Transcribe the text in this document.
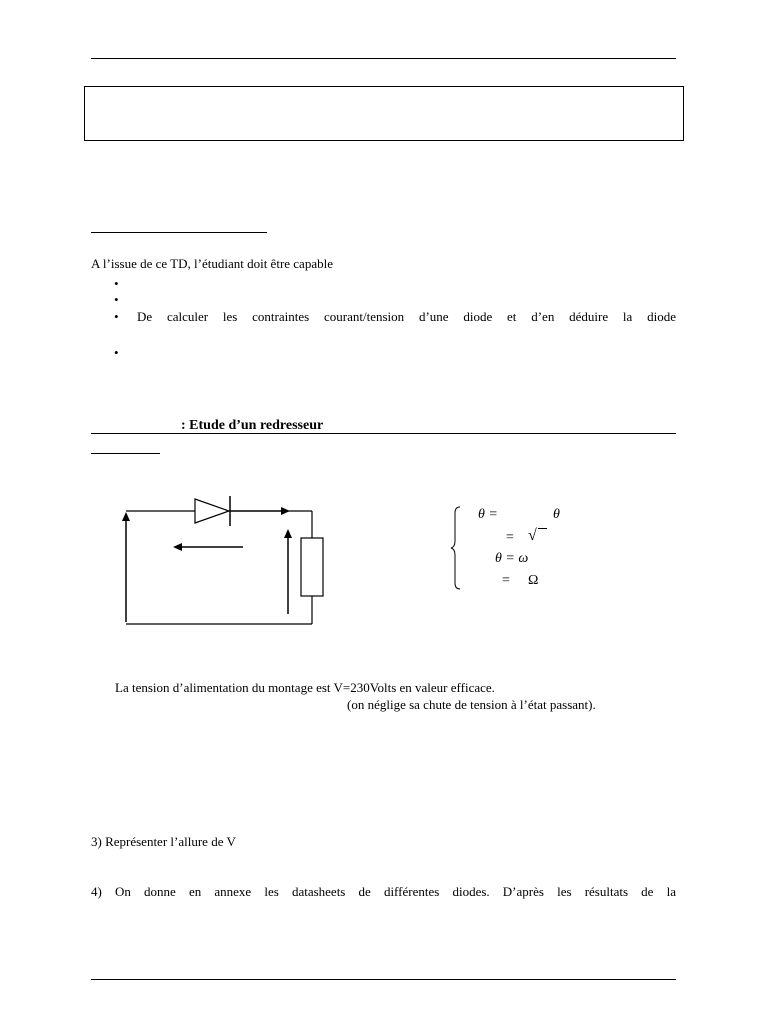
A l’issue de ce TD, l’étudiant doit être capable
•
•
• De calculer les contraintes courant/tension d’une diode et d’en déduire la diode
•
: Etude d’un redresseur
θ =	θ
= √
θ = ω
= Ω
La tension d’alimentation du montage est V=230Volts en valeur efficace.
(on néglige sa chute de tension à l’état passant).
3) Représenter l’allure de V
4) On donne en annexe les datasheets de différentes diodes. D’après les résultats de la
